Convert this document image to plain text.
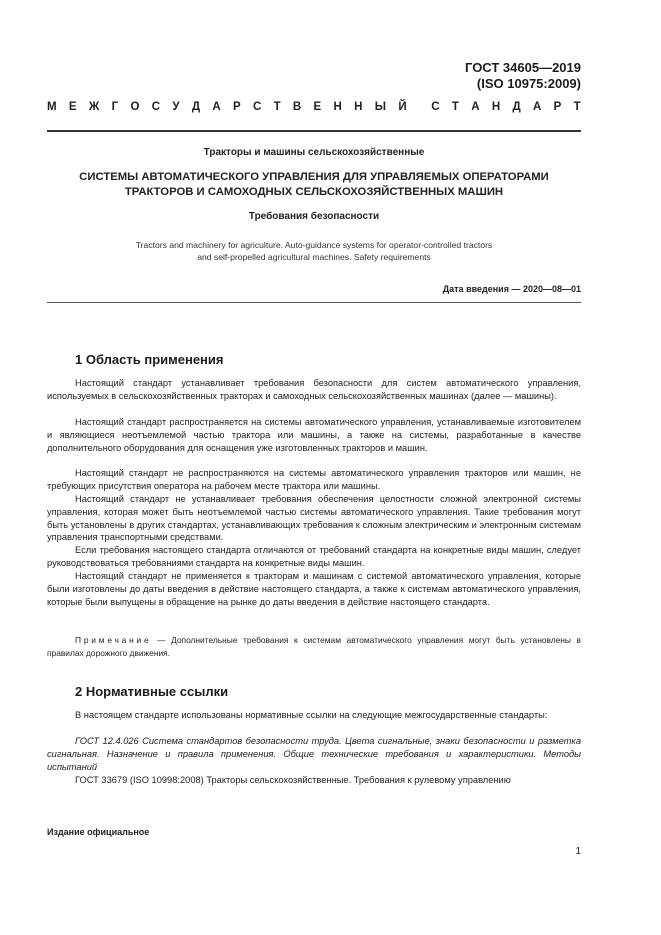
ГОСТ 34605—2019
(ISO 10975:2009)
М Е Ж Г О С У Д А Р С Т В Е Н Н Ы Й С Т А Н Д А Р Т
Тракторы и машины сельскохозяйственные
СИСТЕМЫ АВТОМАТИЧЕСКОГО УПРАВЛЕНИЯ ДЛЯ УПРАВЛЯЕМЫХ ОПЕРАТОРАМИ
ТРАКТОРОВ И САМОХОДНЫХ СЕЛЬСКОХОЗЯЙСТВЕННЫХ МАШИН
Требования безопасности
Tractors and machinery for agriculture. Auto-guidance systems for operator-controlled tractors
and self-propelled agricultural machines. Safety requirements
Дата введения — 2020—08—01
1 Область применения
Настоящий стандарт устанавливает требования безопасности для систем автоматического управления, используемых в сельскохозяйственных тракторах и самоходных сельскохозяйственных машинах (далее — машины).
Настоящий стандарт распространяется на системы автоматического управления, устанавливаемые изготовителем и являющиеся неотъемлемой частью трактора или машины, а также на системы, разработанные в качестве дополнительного оборудования для оснащения уже изготовленных тракторов и машин.
Настоящий стандарт не распространяются на системы автоматического управления тракторов или машин, не требующих присутствия оператора на рабочем месте трактора или машины.
Настоящий стандарт не устанавливает требования обеспечения целостности сложной электронной системы управления, которая может быть неотъемлемой частью системы автоматического управления. Такие требования могут быть установлены в других стандартах, устанавливающих требования к сложным электрическим и электронным системам управления транспортными средствами.
Если требования настоящего стандарта отличаются от требований стандарта на конкретные виды машин, следует руководствоваться требованиями стандарта на конкретные виды машин.
Настоящий стандарт не применяется к тракторам и машинам с системой автоматического управления, которые были изготовлены до даты введения в действие настоящего стандарта, а также к системам автоматического управления, которые были выпущены в обращение на рынке до даты введения в действие настоящего стандарта.
Примечание — Дополнительные требования к системам автоматического управления могут быть установлены в правилах дорожного движения.
2 Нормативные ссылки
В настоящем стандарте использованы нормативные ссылки на следующие межгосударственные стандарты:
ГОСТ 12.4.026 Система стандартов безопасности труда. Цвета сигнальные, знаки безопасности и разметка сигнальная. Назначение и правила применения. Общие технические требования и характеристики. Методы испытаний
ГОСТ 33679 (ISO 10998:2008) Тракторы сельскохозяйственные. Требования к рулевому управлению
Издание официальное
1
